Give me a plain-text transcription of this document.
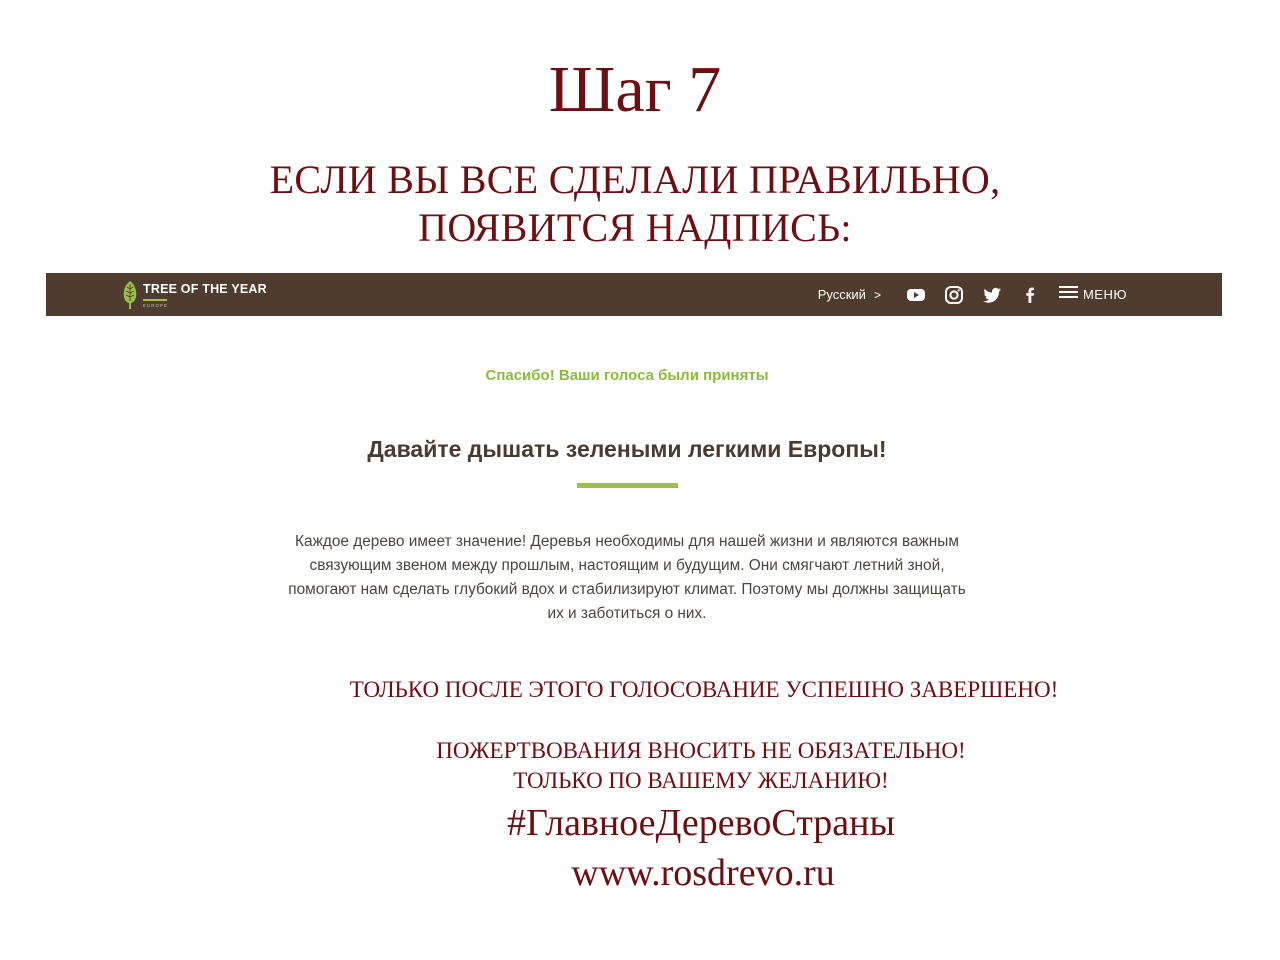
Шаг 7
ЕСЛИ ВЫ ВСЕ СДЕЛАЛИ ПРАВИЛЬНО,
ПОЯВИТСЯ НАДПИСЬ:
TREE OF THE YEAR
EUROPE
Русский >	МЕНЮ
Спасибо! Ваши голоса были приняты
Давайте дышать зелеными легкими Европы!
Каждое дерево имеет значение! Деревья необходимы для нашей жизни и являются важным
связующим звеном между прошлым, настоящим и будущим. Они смягчают летний зной,
помогают нам сделать глубокий вдох и стабилизируют климат. Поэтому мы должны защищать
их и заботиться о них.
ТОЛЬКО ПОСЛЕ ЭТОГО ГОЛОСОВАНИЕ УСПЕШНО ЗАВЕРШЕНО!
ПОЖЕРТВОВАНИЯ ВНОСИТЬ НЕ ОБЯЗАТЕЛЬНО!
ТОЛЬКО ПО ВАШЕМУ ЖЕЛАНИЮ!
#ГлавноеДеревоСтраны
www.rosdrevo.ru
